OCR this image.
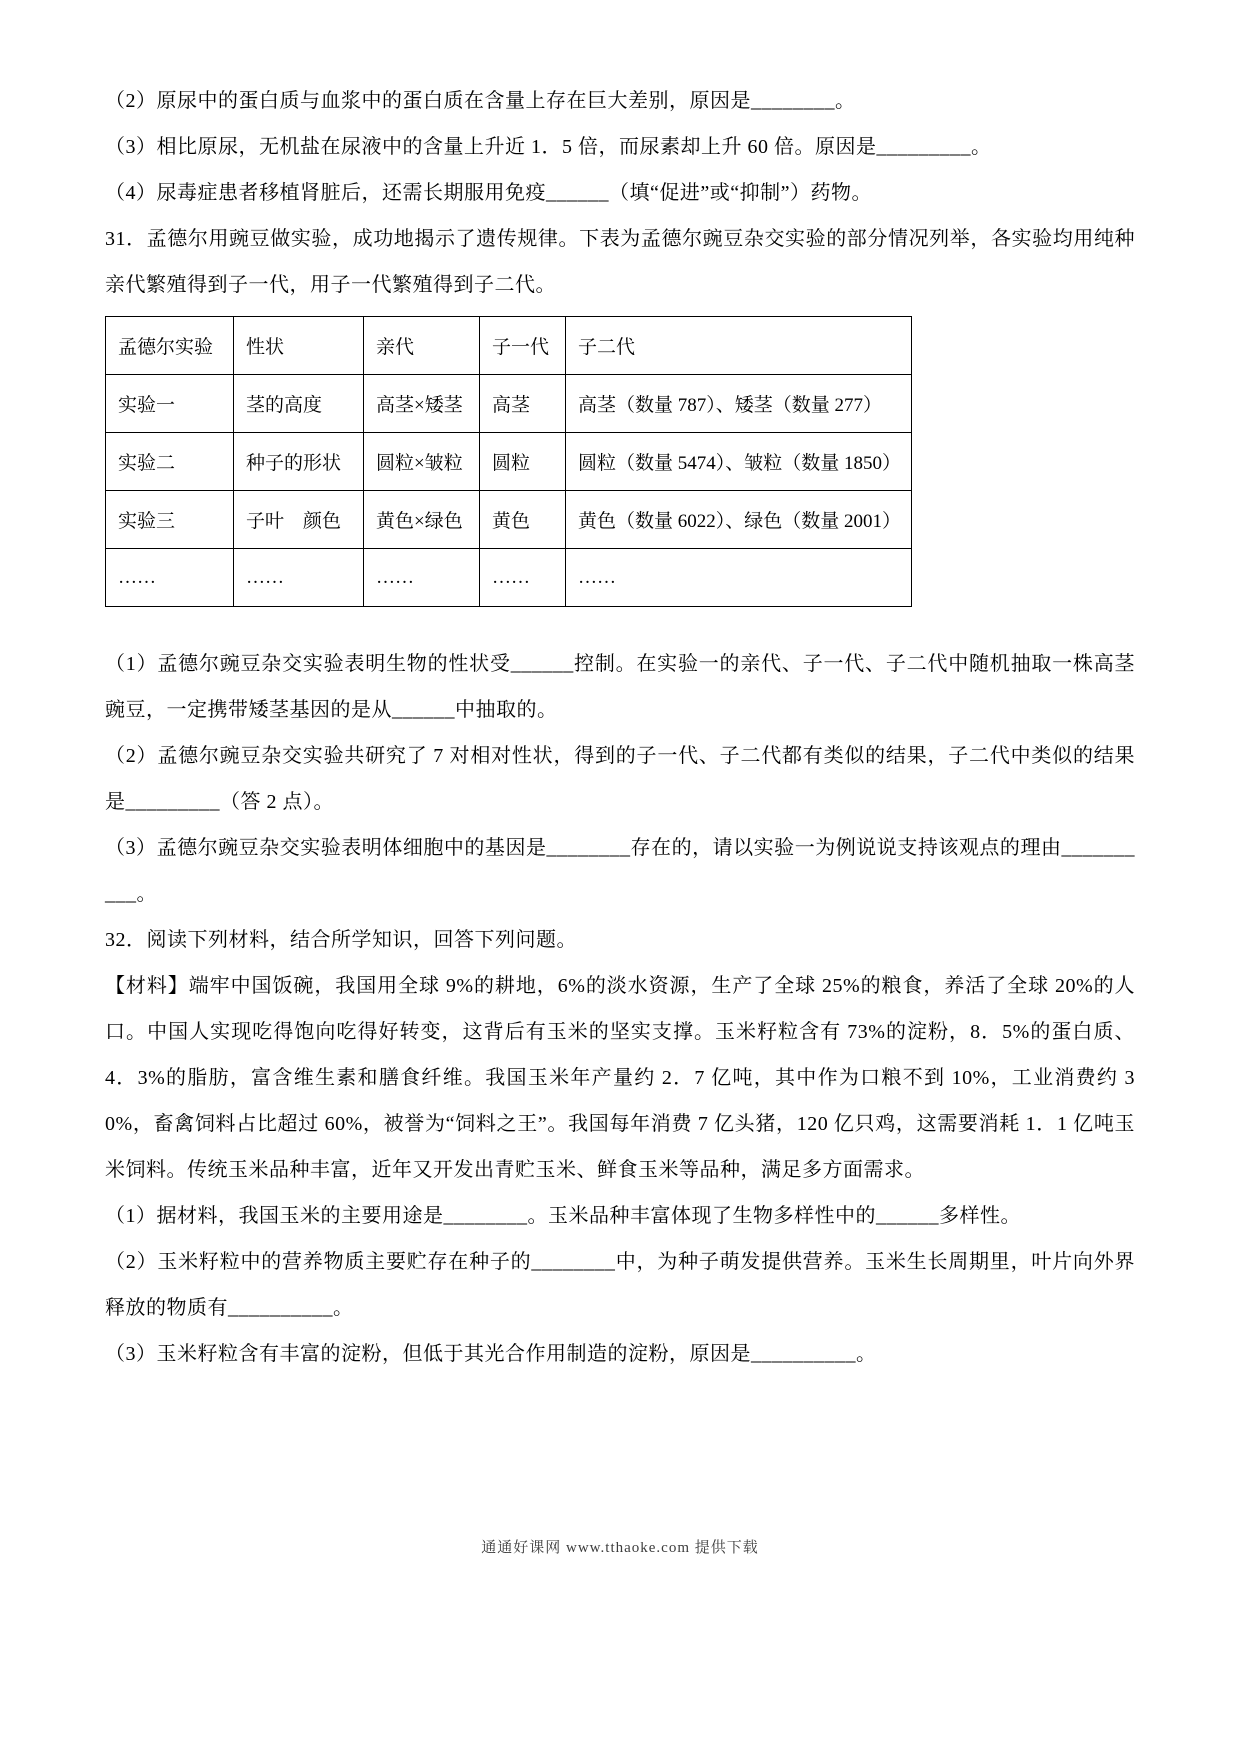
（2）原尿中的蛋白质与血浆中的蛋白质在含量上存在巨大差别，原因是________。

（3）相比原尿，无机盐在尿液中的含量上升近 1．5 倍，而尿素却上升 60 倍。原因是_________。

（4）尿毒症患者移植肾脏后，还需长期服用免疫______（填“促进”或“抑制”）药物。

31．孟德尔用豌豆做实验，成功地揭示了遗传规律。下表为孟德尔豌豆杂交实验的部分情况列举，各实验均用纯种亲代繁殖得到子一代，用子一代繁殖得到子二代。

孟德尔实验	性状	亲代	子一代	子二代
实验一	茎的高度	高茎×矮茎	高茎	高茎（数量 787）、矮茎（数量 277）
实验二	种子的形状	圆粒×皱粒	圆粒	圆粒（数量 5474）、皱粒（数量 1850）
实验三	子叶　颜色	黄色×绿色	黄色	黄色（数量 6022）、绿色（数量 2001）
……	……	……	……	……

（1）孟德尔豌豆杂交实验表明生物的性状受______控制。在实验一的亲代、子一代、子二代中随机抽取一株高茎豌豆，一定携带矮茎基因的是从______中抽取的。

（2）孟德尔豌豆杂交实验共研究了 7 对相对性状，得到的子一代、子二代都有类似的结果，子二代中类似的结果是_________（答 2 点）。

（3）孟德尔豌豆杂交实验表明体细胞中的基因是________存在的，请以实验一为例说说支持该观点的理由__________。

32．阅读下列材料，结合所学知识，回答下列问题。

【材料】端牢中国饭碗，我国用全球 9%的耕地，6%的淡水资源，生产了全球 25%的粮食，养活了全球 20%的人口。中国人实现吃得饱向吃得好转变，这背后有玉米的坚实支撑。玉米籽粒含有 73%的淀粉，8．5%的蛋白质、4．3%的脂肪，富含维生素和膳食纤维。我国玉米年产量约 2．7 亿吨，其中作为口粮不到 10%，工业消费约 30%，畜禽饲料占比超过 60%，被誉为“饲料之王”。我国每年消费 7 亿头猪，120 亿只鸡，这需要消耗 1．1 亿吨玉米饲料。传统玉米品种丰富，近年又开发出青贮玉米、鲜食玉米等品种，满足多方面需求。

（1）据材料，我国玉米的主要用途是________。玉米品种丰富体现了生物多样性中的______多样性。

（2）玉米籽粒中的营养物质主要贮存在种子的________中，为种子萌发提供营养。玉米生长周期里，叶片向外界释放的物质有__________。

（3）玉米籽粒含有丰富的淀粉，但低于其光合作用制造的淀粉，原因是__________。

通通好课网 www.tthaoke.com 提供下载
